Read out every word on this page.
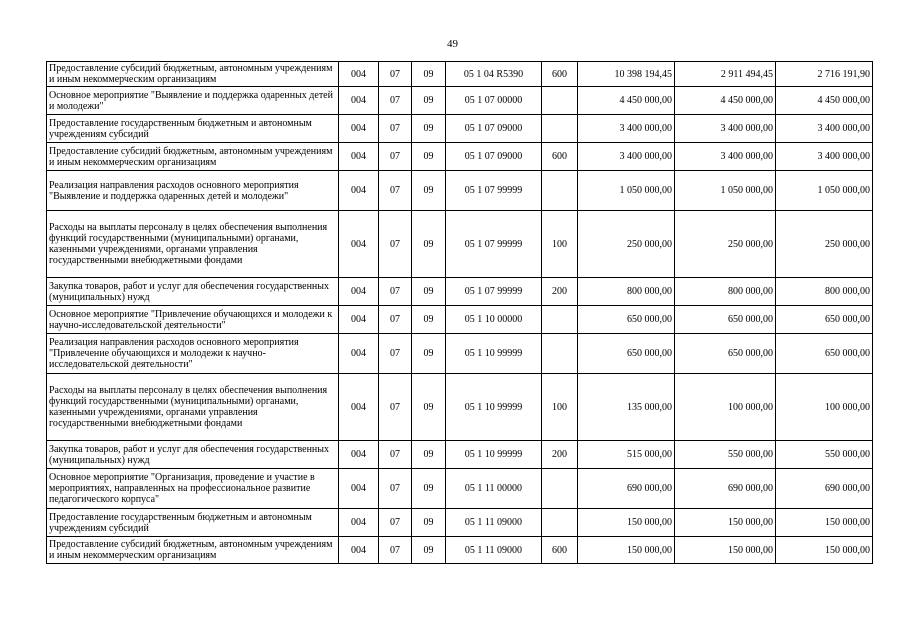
49
Предоставление субсидий бюджетным, автономным учреждениям и иным некоммерческим организациям	004	07	09	05 1 04 R5390	600	10 398 194,45	2 911 494,45	2 716 191,90
Основное мероприятие "Выявление и поддержка одаренных детей и молодежи"	004	07	09	05 1 07 00000		4 450 000,00	4 450 000,00	4 450 000,00
Предоставление государственным бюджетным и автономным учреждениям субсидий	004	07	09	05 1 07 09000		3 400 000,00	3 400 000,00	3 400 000,00
Предоставление субсидий бюджетным, автономным учреждениям и иным некоммерческим организациям	004	07	09	05 1 07 09000	600	3 400 000,00	3 400 000,00	3 400 000,00
Реализация направления расходов основного мероприятия "Выявление и поддержка одаренных детей и молодежи"	004	07	09	05 1 07 99999		1 050 000,00	1 050 000,00	1 050 000,00
Расходы на выплаты персоналу в целях обеспечения выполнения функций государственными (муниципальными) органами, казенными учреждениями, органами управления государственными внебюджетными фондами	004	07	09	05 1 07 99999	100	250 000,00	250 000,00	250 000,00
Закупка товаров, работ и услуг для обеспечения государственных (муниципальных) нужд	004	07	09	05 1 07 99999	200	800 000,00	800 000,00	800 000,00
Основное мероприятие "Привлечение обучающихся и молодежи к научно-исследовательской деятельности"	004	07	09	05 1 10 00000		650 000,00	650 000,00	650 000,00
Реализация направления расходов основного мероприятия "Привлечение обучающихся и молодежи к научно-исследовательской деятельности"	004	07	09	05 1 10 99999		650 000,00	650 000,00	650 000,00
Расходы на выплаты персоналу в целях обеспечения выполнения функций государственными (муниципальными) органами, казенными учреждениями, органами управления государственными внебюджетными фондами	004	07	09	05 1 10 99999	100	135 000,00	100 000,00	100 000,00
Закупка товаров, работ и услуг для обеспечения государственных (муниципальных) нужд	004	07	09	05 1 10 99999	200	515 000,00	550 000,00	550 000,00
Основное мероприятие "Организация, проведение и участие в мероприятиях, направленных на профессиональное развитие педагогического корпуса"	004	07	09	05 1 11 00000		690 000,00	690 000,00	690 000,00
Предоставление государственным бюджетным и автономным учреждениям субсидий	004	07	09	05 1 11 09000		150 000,00	150 000,00	150 000,00
Предоставление субсидий бюджетным, автономным учреждениям и иным некоммерческим организациям	004	07	09	05 1 11 09000	600	150 000,00	150 000,00	150 000,00
